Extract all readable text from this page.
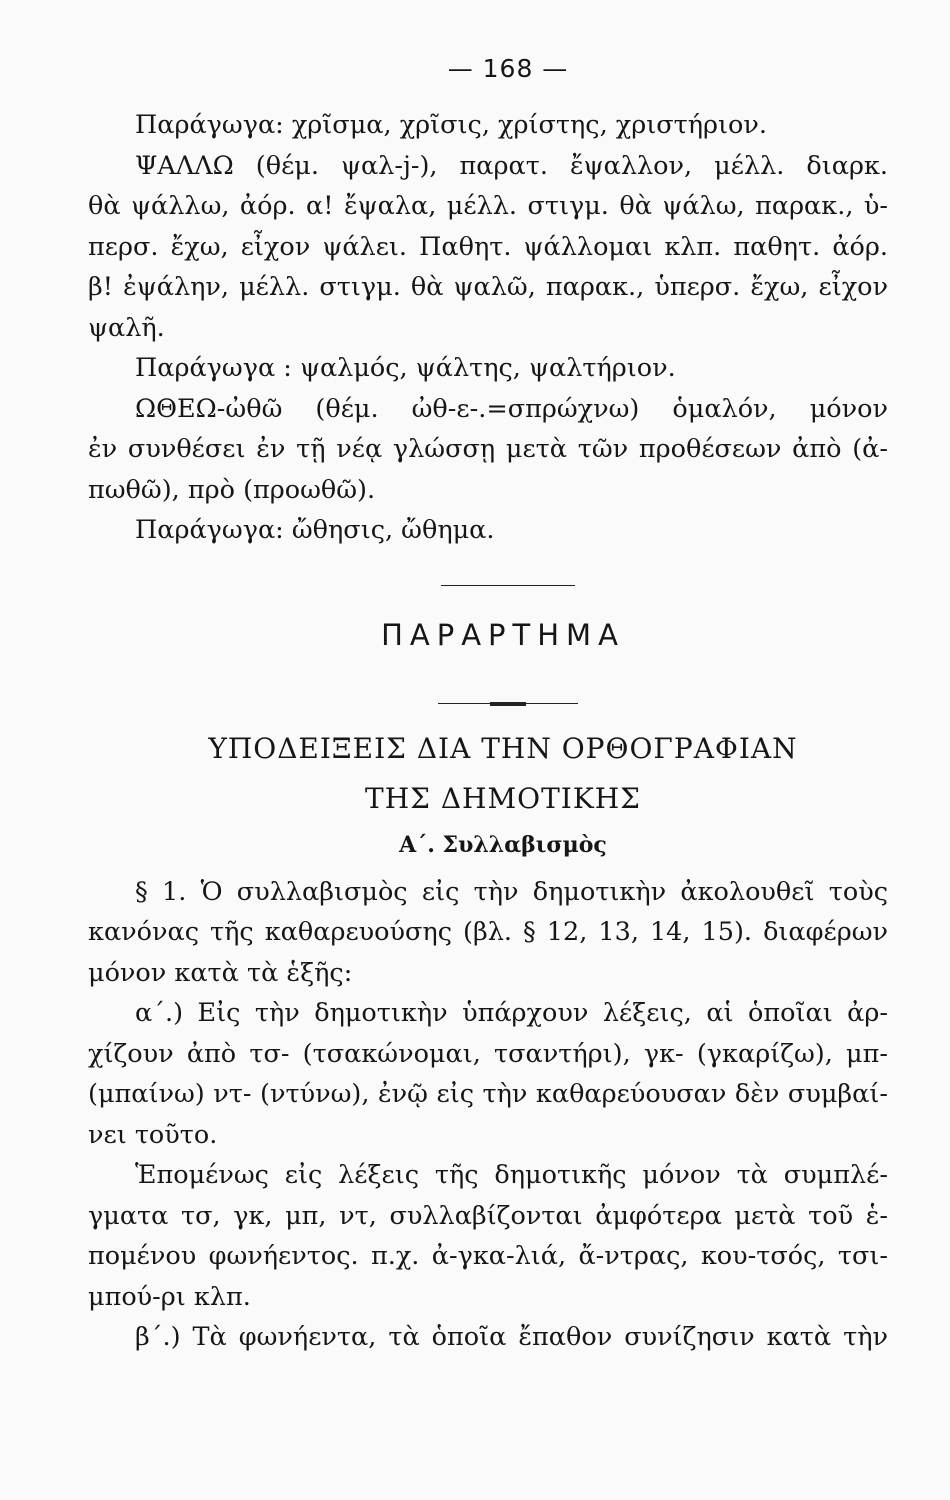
— 168 —

Παράγωγα: χρῖσμα, χρῖσις, χρίστης, χριστήριον.

ΨΑΛΛΩ (θέμ. ψαλ-j-), παρατ. ἔψαλλον, μέλλ. διαρκ.

θὰ ψάλλω, ἀόρ. α! ἔψαλα, μέλλ. στιγμ. θὰ ψάλω, παρακ., ὑ-

περσ. ἔχω, εἶχον ψάλει. Παθητ. ψάλλομαι κλπ. παθητ. ἀόρ.

β! ἐψάλην, μέλλ. στιγμ. θὰ ψαλῶ, παρακ., ὑπερσ. ἔχω, εἶχον

ψαλῆ.

Παράγωγα : ψαλμός, ψάλτης, ψαλτήριον.

ΩΘΕΩ-ὠθῶ (θέμ. ὠθ-ε-.=σπρώχνω) ὁμαλόν, μόνον

ἐν συνθέσει ἐν τῇ νέᾳ γλώσσῃ μετὰ τῶν προθέσεων ἀπὸ (ἀ-

πωθῶ), πρὸ (προωθῶ).

Παράγωγα: ὤθησις, ὤθημα.

ΠΑΡΑΡΤΗΜΑ
ΥΠΟΔΕΙΞΕΙΣ ΔΙΑ ΤΗΝ ΟΡΘΟΓΡΑΦΙΑΝ
ΤΗΣ ΔΗΜΟΤΙΚΗΣ
Α΄. Συλλαβισμὸς

§ 1. Ὁ συλλαβισμὸς εἰς τὴν δημοτικὴν ἀκολουθεῖ τοὺς

κανόνας τῆς καθαρευούσης (βλ. § 12, 13, 14, 15). διαφέρων

μόνον κατὰ τὰ ἑξῆς:

α΄.) Εἰς τὴν δημοτικὴν ὑπάρχουν λέξεις, αἱ ὁποῖαι ἀρ-

χίζουν ἀπὸ τσ- (τσακώνομαι, τσαντήρι), γκ- (γκαρίζω), μπ-

(μπαίνω) ντ- (ντύνω), ἐνῷ εἰς τὴν καθαρεύουσαν δὲν συμβαί-

νει τοῦτο.

Ἑπομένως εἰς λέξεις τῆς δημοτικῆς μόνον τὰ συμπλέ-

γματα τσ, γκ, μπ, ντ, συλλαβίζονται ἀμφότερα μετὰ τοῦ ἑ-

πομένου φωνήεντος. π.χ. ἀ-γκα-λιά, ἄ-ντρας, κου-τσός, τσι-

μπού-ρι κλπ.

β΄.) Τὰ φωνήεντα, τὰ ὁποῖα ἔπαθον συνίζησιν κατὰ τὴν
